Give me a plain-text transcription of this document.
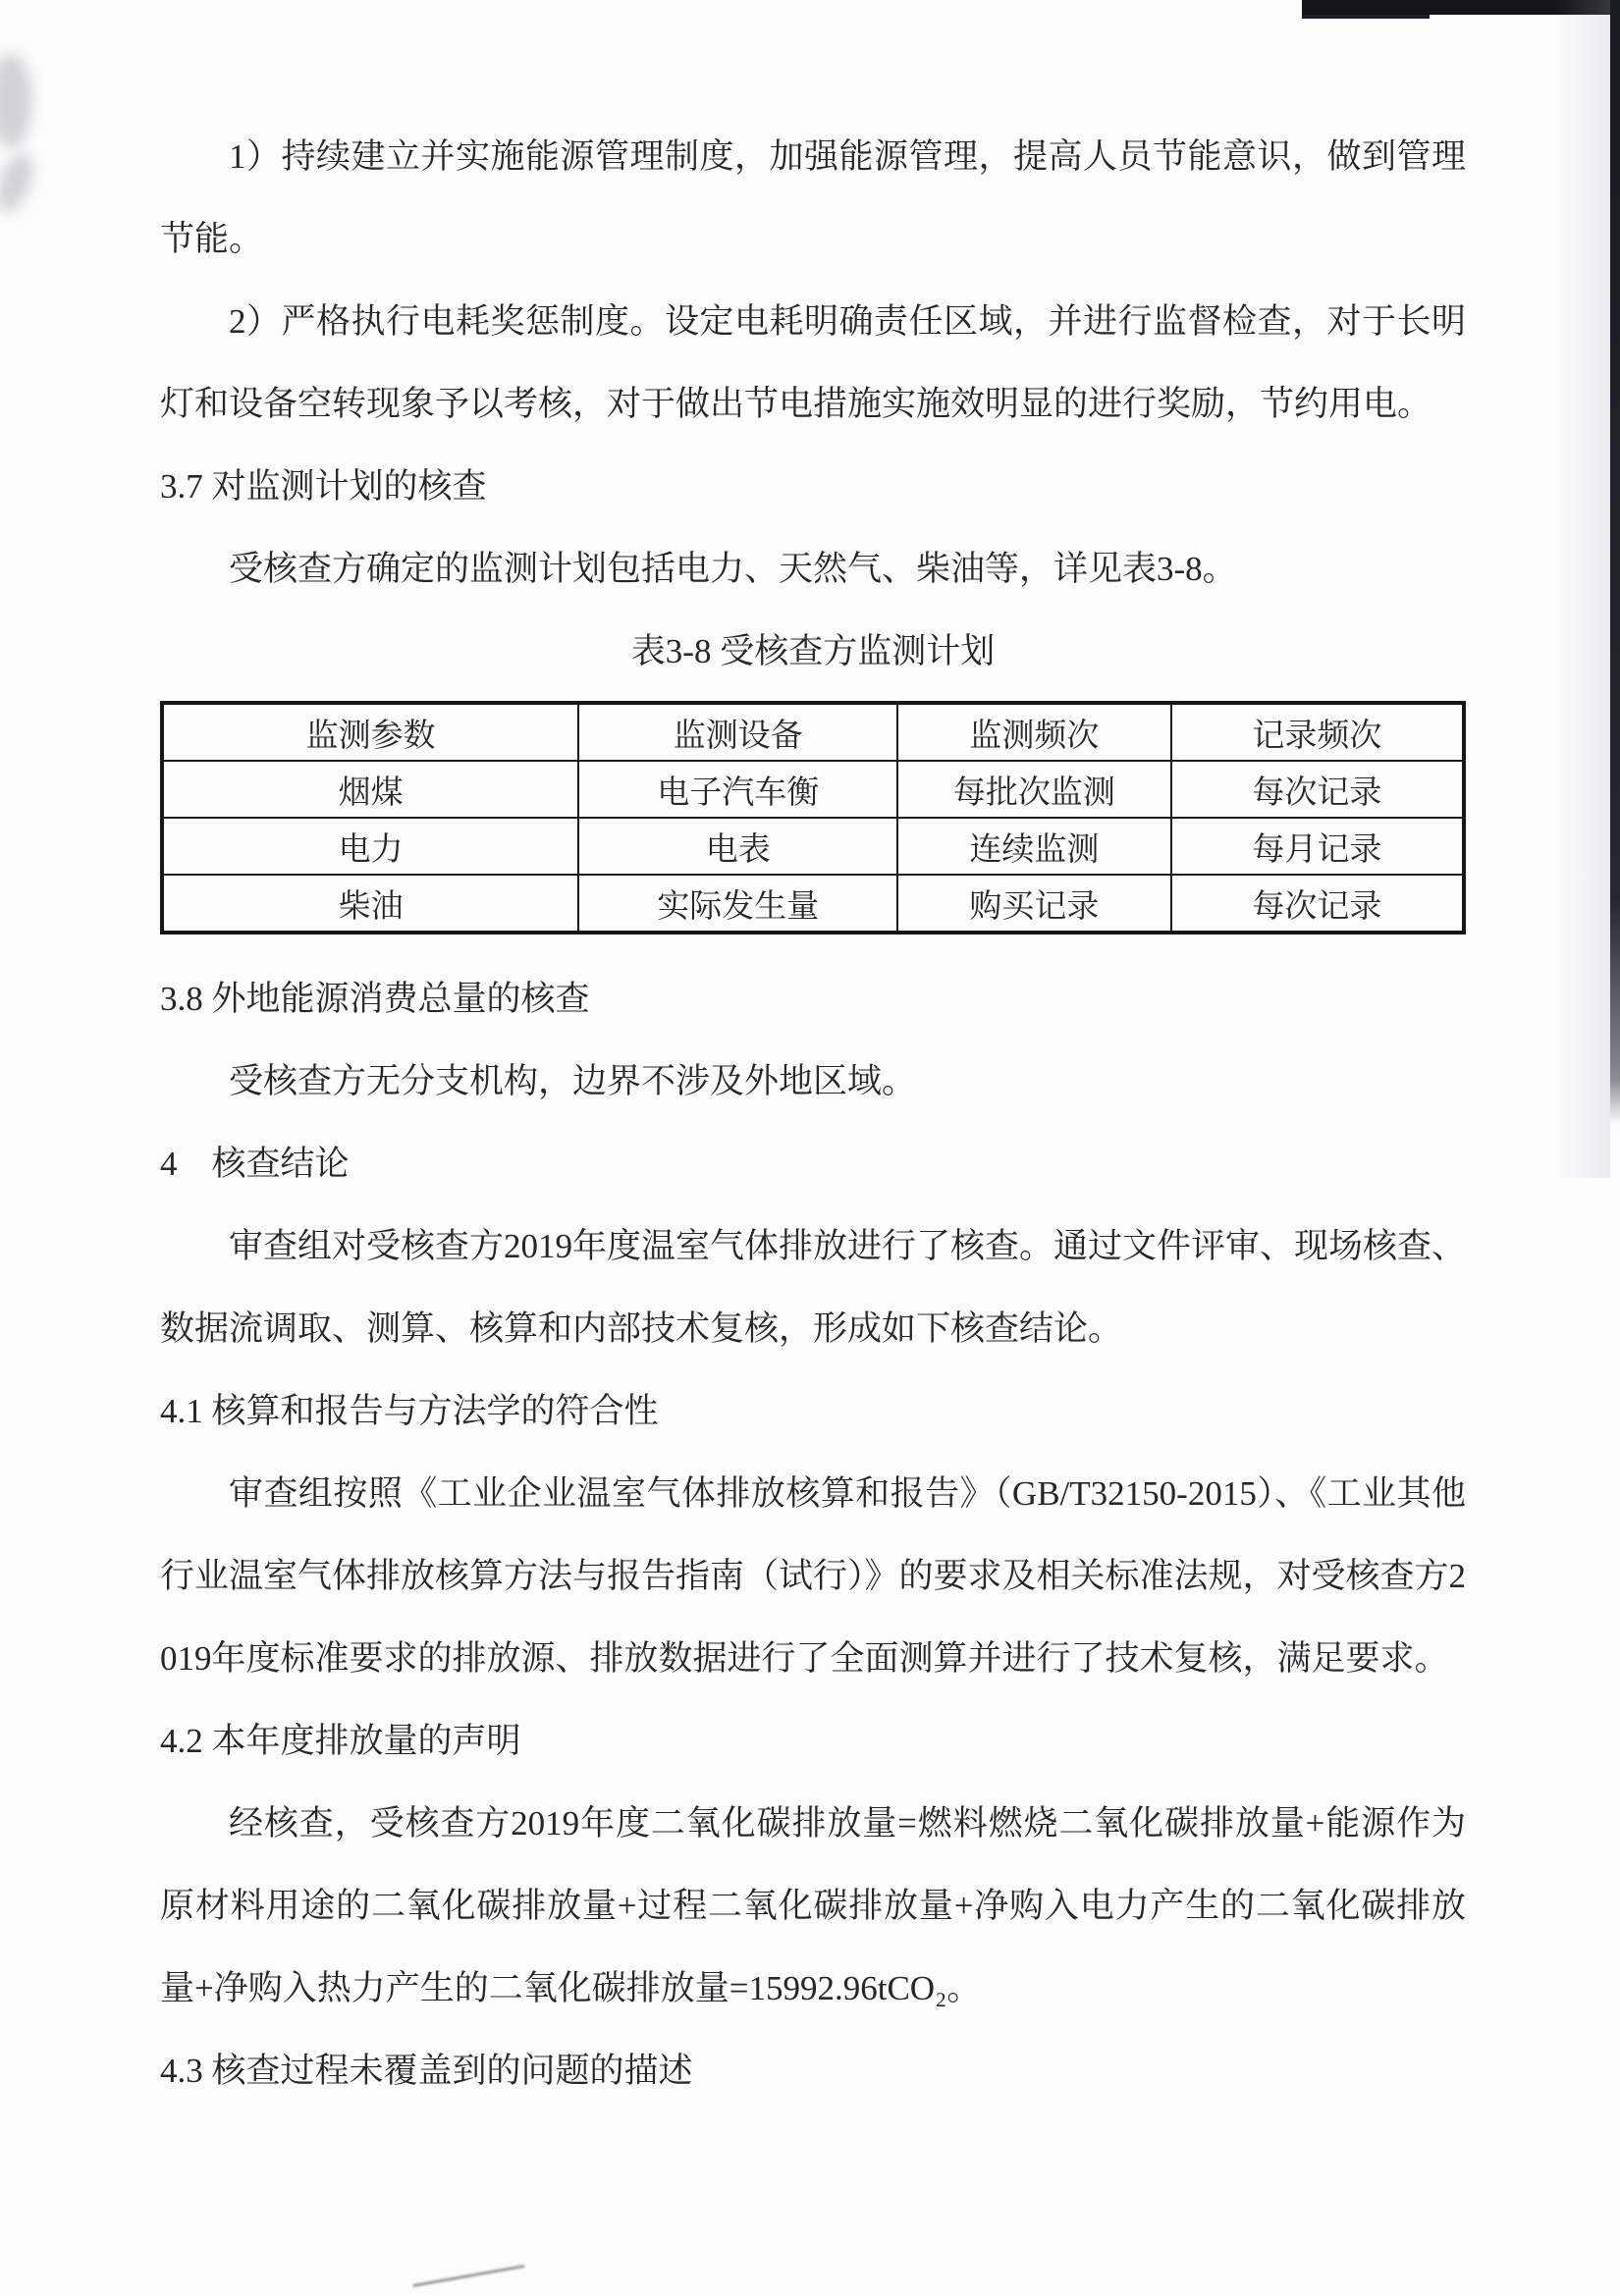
1）持续建立并实施能源管理制度，加强能源管理，提高人员节能意识，做到管理节能。

2）严格执行电耗奖惩制度。设定电耗明确责任区域，并进行监督检查，对于长明灯和设备空转现象予以考核，对于做出节电措施实施效明显的进行奖励，节约用电。

3.7 对监测计划的核查

受核查方确定的监测计划包括电力、天然气、柴油等，详见表3-8。

表3-8 受核查方监测计划

监测参数	监测设备	监测频次	记录频次
烟煤	电子汽车衡	每批次监测	每次记录
电力	电表	连续监测	每月记录
柴油	实际发生量	购买记录	每次记录

3.8 外地能源消费总量的核查

受核查方无分支机构，边界不涉及外地区域。

4　核查结论

审查组对受核查方2019年度温室气体排放进行了核查。通过文件评审、现场核查、数据流调取、测算、核算和内部技术复核，形成如下核查结论。

4.1 核算和报告与方法学的符合性

审查组按照《工业企业温室气体排放核算和报告》（GB/T32150-2015）、《工业其他行业温室气体排放核算方法与报告指南（试行）》的要求及相关标准法规，对受核查方2019年度标准要求的排放源、排放数据进行了全面测算并进行了技术复核，满足要求。

4.2 本年度排放量的声明

经核查，受核查方2019年度二氧化碳排放量=燃料燃烧二氧化碳排放量+能源作为原材料用途的二氧化碳排放量+过程二氧化碳排放量+净购入电力产生的二氧化碳排放量+净购入热力产生的二氧化碳排放量=15992.96tCO₂。

4.3 核查过程未覆盖到的问题的描述
